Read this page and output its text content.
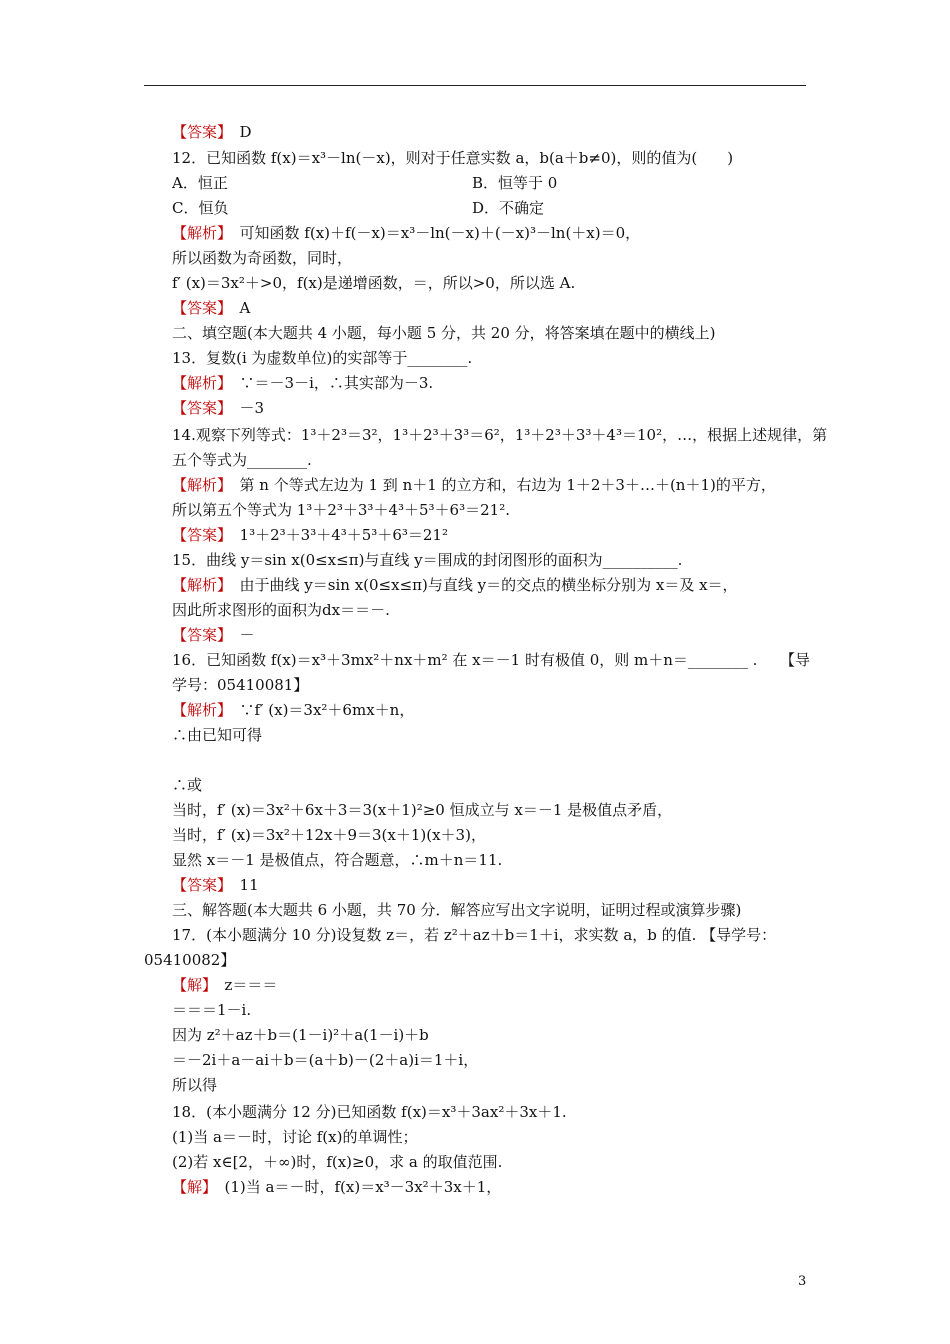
【答案】　 D
12．已知函数 f(x)＝x³－ln(－x)，则对于任意实数 a，b(a＋b≠0)，则的值为(　　)
A．恒正	B．恒等于 0
C．恒负	D．不确定
【解析】　 可知函数 f(x)＋f(－x)＝x³－ln(－x)＋(－x)³－ln(＋x)＝0，
所以函数为奇函数，同时，
f′ (x)＝3x²＋>0，f(x)是递增函数，＝，所以>0，所以选 A.
【答案】　 A
二、填空题(本大题共 4 小题，每小题 5 分，共 20 分，将答案填在题中的横线上)
13．复数(i 为虚数单位)的实部等于________.
【解析】　 ∵＝－3－i，∴其实部为－3.
【答案】　 －3
14.观察下列等式：1³＋2³＝3²，1³＋2³＋3³＝6²，1³＋2³＋3³＋4³＝10²，…，根据上述规律，第
五个等式为________.
【解析】　 第 n 个等式左边为 1 到 n＋1 的立方和，右边为 1＋2＋3＋…＋(n＋1)的平方，
所以第五个等式为 1³＋2³＋3³＋4³＋5³＋6³＝21².
【答案】　 1³＋2³＋3³＋4³＋5³＋6³＝21²
15．曲线 y＝sin x(0≤x≤π)与直线 y＝围成的封闭图形的面积为__________.
【解析】　 由于曲线 y＝sin x(0≤x≤π)与直线 y＝的交点的横坐标分别为 x＝及 x＝，
因此所求图形的面积为dx＝＝－.
【答案】　 －
16．已知函数 f(x)＝x³＋3mx²＋nx＋m² 在 x＝－1 时有极值 0，则 m＋n＝________ .　　【导
学号：05410081】
【解析】　 ∵f′ (x)＝3x²＋6mx＋n，
∴由已知可得
∴或
当时，f′ (x)＝3x²＋6x＋3＝3(x＋1)²≥0 恒成立与 x＝－1 是极值点矛盾，
当时，f′ (x)＝3x²＋12x＋9＝3(x＋1)(x＋3)，
显然 x＝－1 是极值点，符合题意，∴m＋n＝11.
【答案】　 11
三、解答题(本大题共 6 小题，共 70 分．解答应写出文字说明，证明过程或演算步骤)
17．(本小题满分 10 分)设复数 z＝，若 z²＋az＋b＝1＋i，求实数 a，b 的值. 【导学号：
05410082】
【解】　 z＝＝＝
＝＝＝1－i.
因为 z²＋az＋b＝(1－i)²＋a(1－i)＋b
＝－2i＋a－ai＋b＝(a＋b)－(2＋a)i＝1＋i，
所以得
18．(本小题满分 12 分)已知函数 f(x)＝x³＋3ax²＋3x＋1.
(1)当 a＝－时，讨论 f(x)的单调性；
(2)若 x∈[2，＋∞)时，f(x)≥0，求 a 的取值范围.
【解】　 (1)当 a＝－时，f(x)＝x³－3x²＋3x＋1，
3
